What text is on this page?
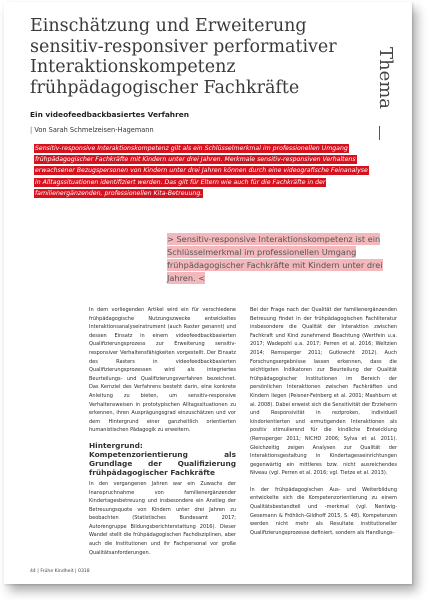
Einschätzung und Erweiterung sensitiv-responsiver performativer Interaktionskompetenz frühpädagogischer Fachkräfte	Thema

Ein videofeedbackbasiertes Verfahren

| Von Sarah Schmelzeisen-Hagemann

Sensitiv-responsive Interaktionskompetenz gilt als ein Schlüsselmerkmal im professionellen Umgang frühpädagogischer Fachkräfte mit Kindern unter drei Jahren. Merkmale sensitiv-responsiven Verhaltens erwachsener Bezugspersonen von Kindern unter drei Jahren können durch eine videografische Feinanalyse in Alltagssituationen identifiziert werden. Das gilt für Eltern wie auch für die Fachkräfte in der familienergänzenden, professionellen Kita-Betreuung.

> Sensitiv-responsive Interaktionskompetenz ist ein Schlüsselmerkmal im professionellen Umgang frühpädagogischer Fachkräfte mit Kindern unter drei Jahren. <

In dem vorliegenden Artikel wird ein für verschiedene frühpädagogische Nutzungszwecke entwickeltes Interaktionsanalyseinstrument (auch Raster genannt) und dessen Einsatz in einem videofeedbackbasierten Qualifizierungsprozess zur Erweiterung sensitiv-responsiver Verhaltensfähigkeiten vorgestellt. Der Einsatz des Rasters in videofeedbackbasierten Qualifizierungsprozessen wird als integriertes Beurteilungs- und Qualifizierungsverfahren bezeichnet. Das Kernziel des Verfahrens besteht darin, eine konkrete Anleitung zu bieten, um sensitiv-responsive Verhaltensweisen in prototypischen Alltagssituationen zu erkennen, ihren Ausprägungsgrad einzuschätzen und vor dem Hintergrund einer ganzheitlich orientierten humanistischen Pädagogik zu erweitern.

Hintergrund: Kompetenzorientierung als Grundlage der Qualifizierung frühpädagogischer Fachkräfte

In den vergangenen Jahren war ein Zuwachs der Inanspruchnahme von familienergänzender Kindertagesbetreuung und insbesondere ein Anstieg der Betreuungsquote von Kindern unter drei Jahren zu beobachten (Statistisches Bundesamt 2017; Autorengruppe Bildungsberichterstattung 2016). Dieser Wandel stellt die frühpädagogischen Fachdisziplinen, aber auch die Institutionen und ihr Fachpersonal vor große Qualitätsanforderungen.

Bei der Frage nach der Qualität der familienergänzenden Betreuung findet in der frühpädagogischen Fachliteratur insbesondere die Qualität der Interaktion zwischen Fachkraft und Kind zunehmend Beachtung (Wertfein u.a. 2017; Wadepohl u.a. 2017; Perren et al. 2016; Weltzien 2014; Remsperger 2011; Gutknecht 2012). Auch Forschungsergebnisse lassen erkennen, dass die wichtigsten Indikatoren zur Beurteilung der Qualität frühpädagogischer Institutionen im Bereich der persönlichen Interaktionen zwischen Fachkräften und Kindern liegen (Peisner-Feinberg et al. 2001; Mashburn et al. 2008). Dabei erweist sich die Sensitivität der Erzieherin und Responsivität in reziproken, individuell kindorientierten und ermutigenden Interaktionen als positiv stimulierend für die kindliche Entwicklung (Remsperger 2011; NICHD 2006; Sylva et al. 2011). Gleichzeitig zeigen Analysen zur Qualität der Interaktionsgestaltung in Kindertagesseinrichtungen gegenwärtig ein mittleres bzw. nicht ausreichendes Niveau (vgl. Perren et al. 2016; vgl. Tietze et al. 2013).

In der frühpädagogischen Aus- und Weiterbildung entwickelte sich die Kompetenzorientierung zu einem Qualitätsbestandteil und -merkmal (vgl. Nentwig-Gesemann & Fröhlich-Gildhoff 2015, S. 48). Kompetenzen werden nicht mehr als Resultate institutioneller Qualifizierungsprozesse definiert, sondern als Handlungs-

44 | Frühe Kindheit | 0318
